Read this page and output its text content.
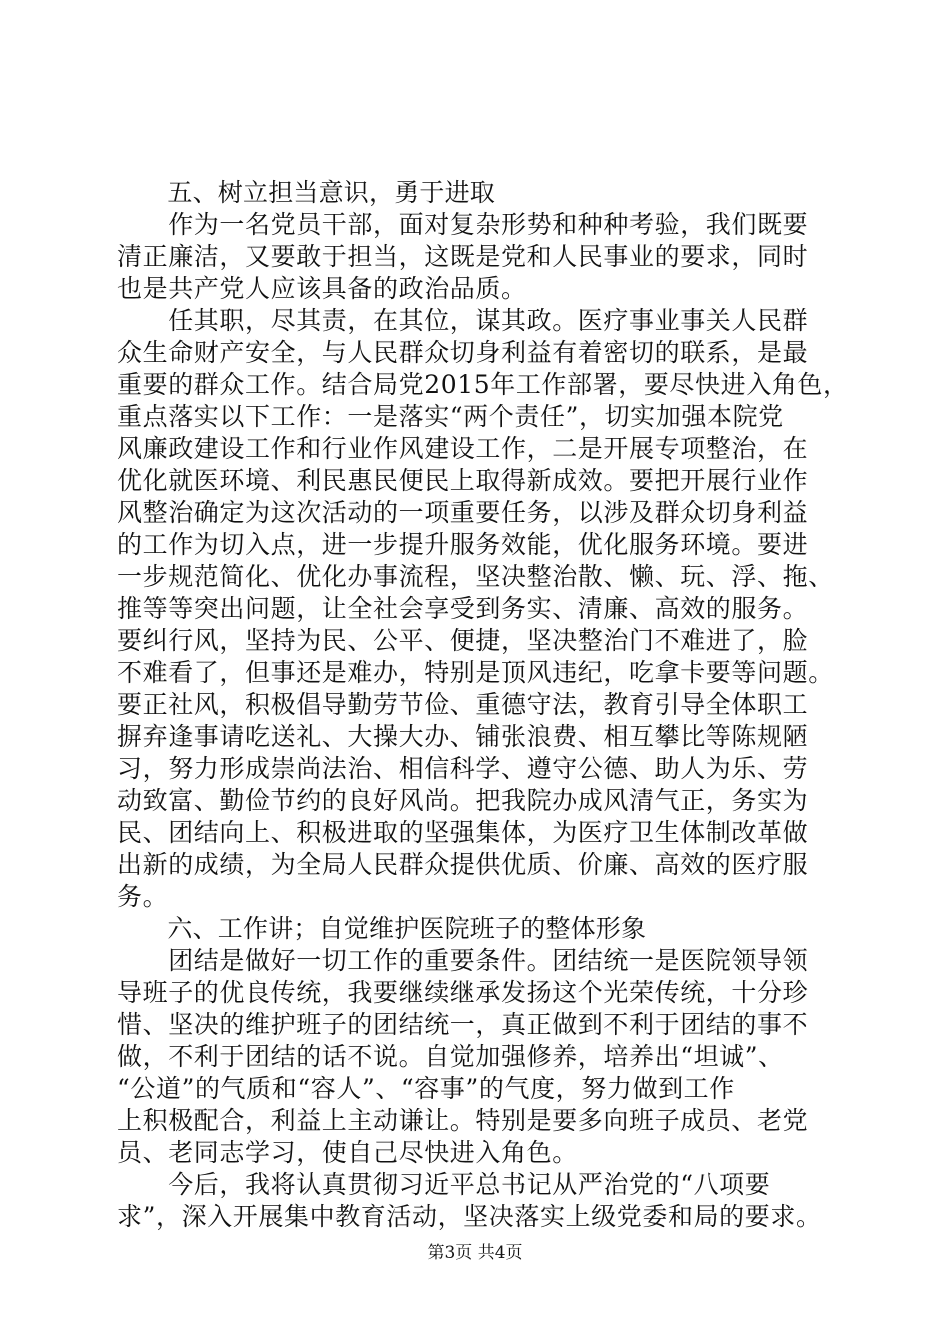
　　五、树立担当意识，勇于进取
　　作为一名党员干部，面对复杂形势和种种考验，我们既要
清正廉洁，又要敢于担当，这既是党和人民事业的要求，同时
也是共产党人应该具备的政治品质。
　　任其职，尽其责，在其位，谋其政。医疗事业事关人民群
众生命财产安全，与人民群众切身利益有着密切的联系，是最
重要的群众工作。结合局党2015年工作部署，要尽快进入角色，
重点落实以下工作：一是落实“两个责任”，切实加强本院党
风廉政建设工作和行业作风建设工作，二是开展专项整治，在
优化就医环境、利民惠民便民上取得新成效。要把开展行业作
风整治确定为这次活动的一项重要任务，以涉及群众切身利益
的工作为切入点，进一步提升服务效能，优化服务环境。要进
一步规范简化、优化办事流程，坚决整治散、懒、玩、浮、拖、
推等等突出问题，让全社会享受到务实、清廉、高效的服务。
要纠行风，坚持为民、公平、便捷，坚决整治门不难进了，脸
不难看了，但事还是难办，特别是顶风违纪，吃拿卡要等问题。
要正社风，积极倡导勤劳节俭、重德守法，教育引导全体职工
摒弃逢事请吃送礼、大操大办、铺张浪费、相互攀比等陈规陋
习，努力形成崇尚法治、相信科学、遵守公德、助人为乐、劳
动致富、勤俭节约的良好风尚。把我院办成风清气正，务实为
民、团结向上、积极进取的坚强集体，为医疗卫生体制改革做
出新的成绩，为全局人民群众提供优质、价廉、高效的医疗服
务。
　　六、工作讲；自觉维护医院班子的整体形象
　　团结是做好一切工作的重要条件。团结统一是医院领导领
导班子的优良传统，我要继续继承发扬这个光荣传统，十分珍
惜、坚决的维护班子的团结统一，真正做到不利于团结的事不
做，不利于团结的话不说。自觉加强修养，培养出“坦诚”、
“公道”的气质和“容人”、“容事”的气度，努力做到工作
上积极配合，利益上主动谦让。特别是要多向班子成员、老党
员、老同志学习，使自己尽快进入角色。
　　今后，我将认真贯彻习近平总书记从严治党的“八项要
求”，深入开展集中教育活动，坚决落实上级党委和局的要求。
第3页 共4页
